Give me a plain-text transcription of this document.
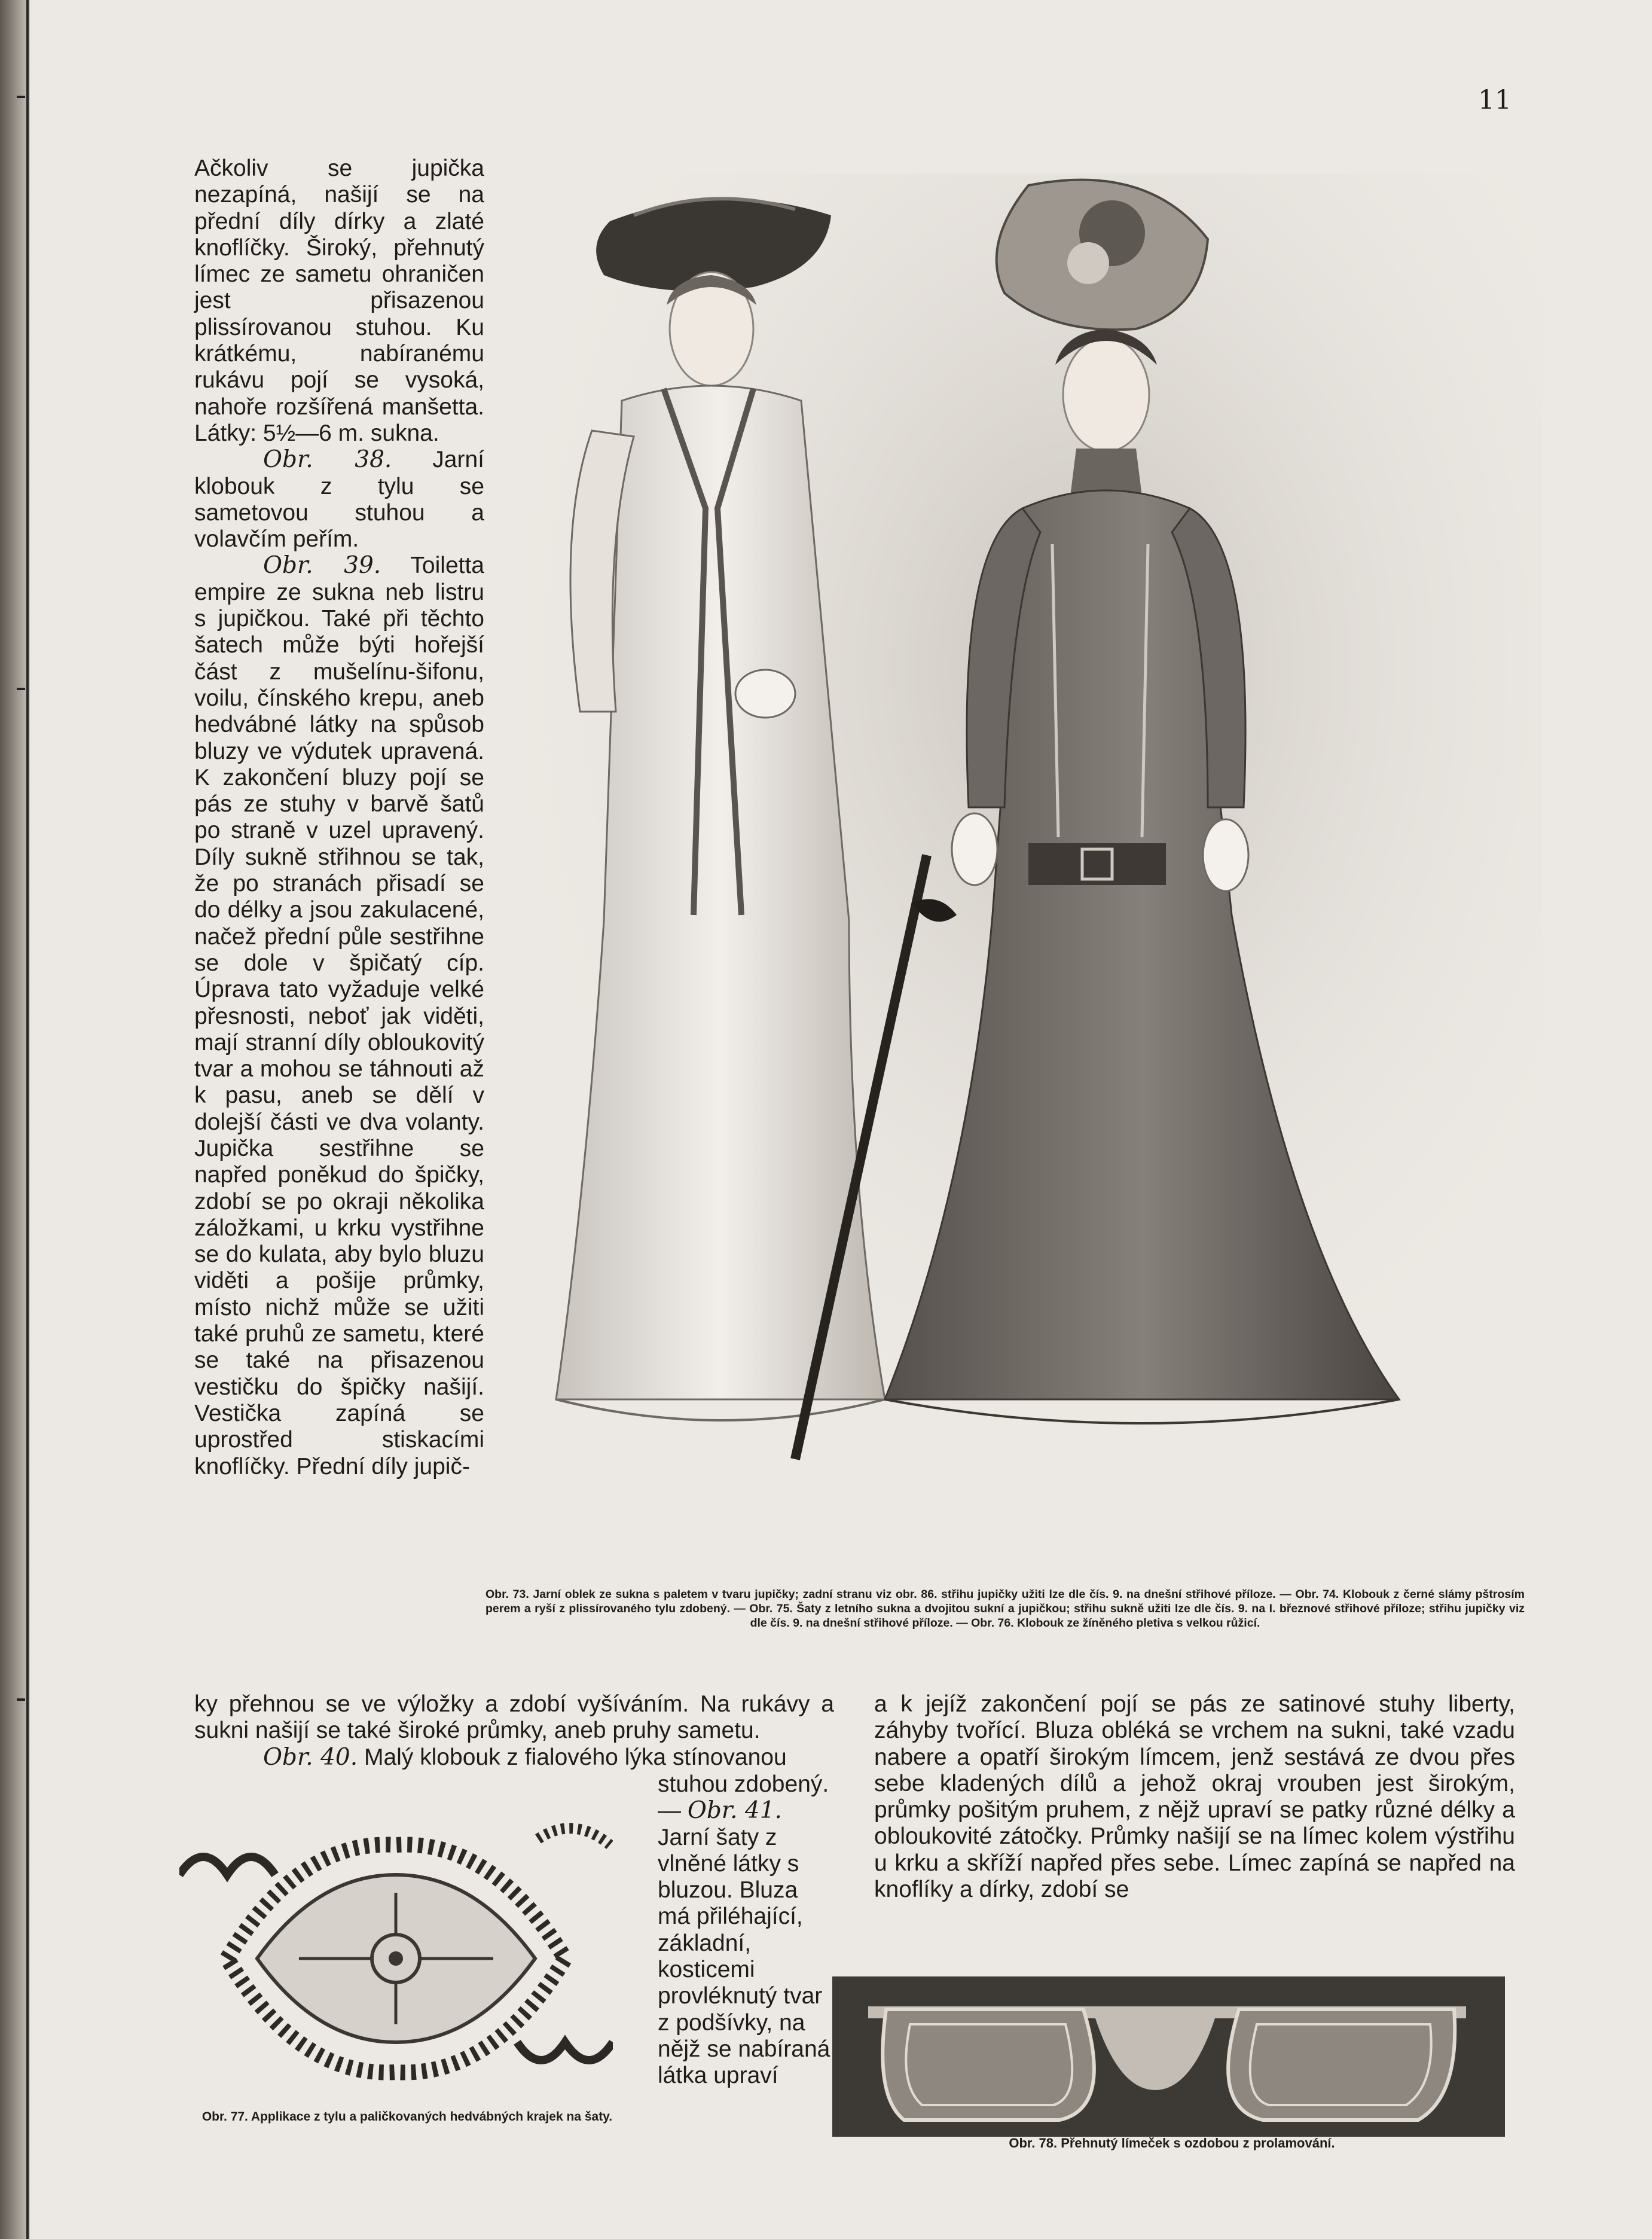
11

Ačkoliv se jupička nezapíná, našijí se na přední díly dírky a zlaté knoflíčky. Široký, přehnutý límec ze sametu ohraničen jest přisazenou plissírovanou stuhou. Ku krátkému, nabíranému rukávu pojí se vysoká, nahoře rozšířená manšetta. Látky: 5½—6 m. sukna.

Obr. 38. Jarní klobouk z tylu se sametovou stuhou a volavčím peřím.

Obr. 39. Toiletta empire ze sukna neb listru s jupičkou. Také při těchto šatech může býti hořejší část z mušelínu-šifonu, voilu, čínského krepu, aneb hedvábné látky na spůsob bluzy ve výdutek upravená. K zakončení bluzy pojí se pás ze stuhy v barvě šatů po straně v uzel upravený. Díly sukně střihnou se tak, že po stranách přisadí se do délky a jsou zakulacené, načež přední půle sestřihne se dole v špičatý cíp. Úprava tato vyžaduje velké přesnosti, neboť jak viděti, mají stranní díly obloukovitý tvar a mohou se táhnouti až k pasu, aneb se dělí v dolejší části ve dva volanty. Jupička sestřihne se napřed poněkud do špičky, zdobí se po okraji několika záložkami, u krku vystřihne se do kulata, aby bylo bluzu viděti a pošije průmky, místo nichž může se užiti také pruhů ze sametu, které se také na přisazenou vestičku do špičky našijí. Vestička zapíná se uprostřed stiskacími knoflíčky. Přední díly jupič-

Obr. 73. Jarní oblek ze sukna s paletem v tvaru jupičky; zadní stranu viz obr. 86. střihu jupičky užiti lze dle čís. 9. na dnešní střihové příloze. — Obr. 74. Klobouk z černé slámy pštrosím perem a ryší z plissírovaného tylu zdobený. — Obr. 75. Šaty z letního sukna a dvojitou sukní a jupičkou; střihu sukně užiti lze dle čís. 9. na I. březnové střihové příloze; střihu jupičky viz dle čís. 9. na dnešní střihové příloze. — Obr. 76. Klobouk ze žíněného pletiva s velkou růžicí.

ky přehnou se ve výložky a zdobí vyšíváním. Na rukávy a sukni našijí se také široké průmky, aneb pruhy sametu.

Obr. 40. Malý klobouk z fialového lýka stínovanou

stuhou zdobený. — Obr. 41. Jarní šaty z vlněné látky s bluzou. Bluza má přiléhající, základní, kosticemi provléknutý tvar z podšívky, na nějž se nabíraná látka upraví

a k jejíž zakončení pojí se pás ze satinové stuhy liberty, záhyby tvořící. Bluza obléká se vrchem na sukni, také vzadu nabere a opatří širokým límcem, jenž sestává ze dvou přes sebe kladených dílů a jehož okraj vrouben jest širokým, průmky pošitým pruhem, z nějž upraví se patky různé délky a obloukovité zátočky. Průmky našijí se na límec kolem výstřihu u krku a skříží napřed přes sebe. Límec zapíná se napřed na knoflíky a dírky, zdobí se

Obr. 77. Applikace z tylu a paličkovaných hedvábných krajek na šaty.
Obr. 78. Přehnutý límeček s ozdobou z prolamování.
